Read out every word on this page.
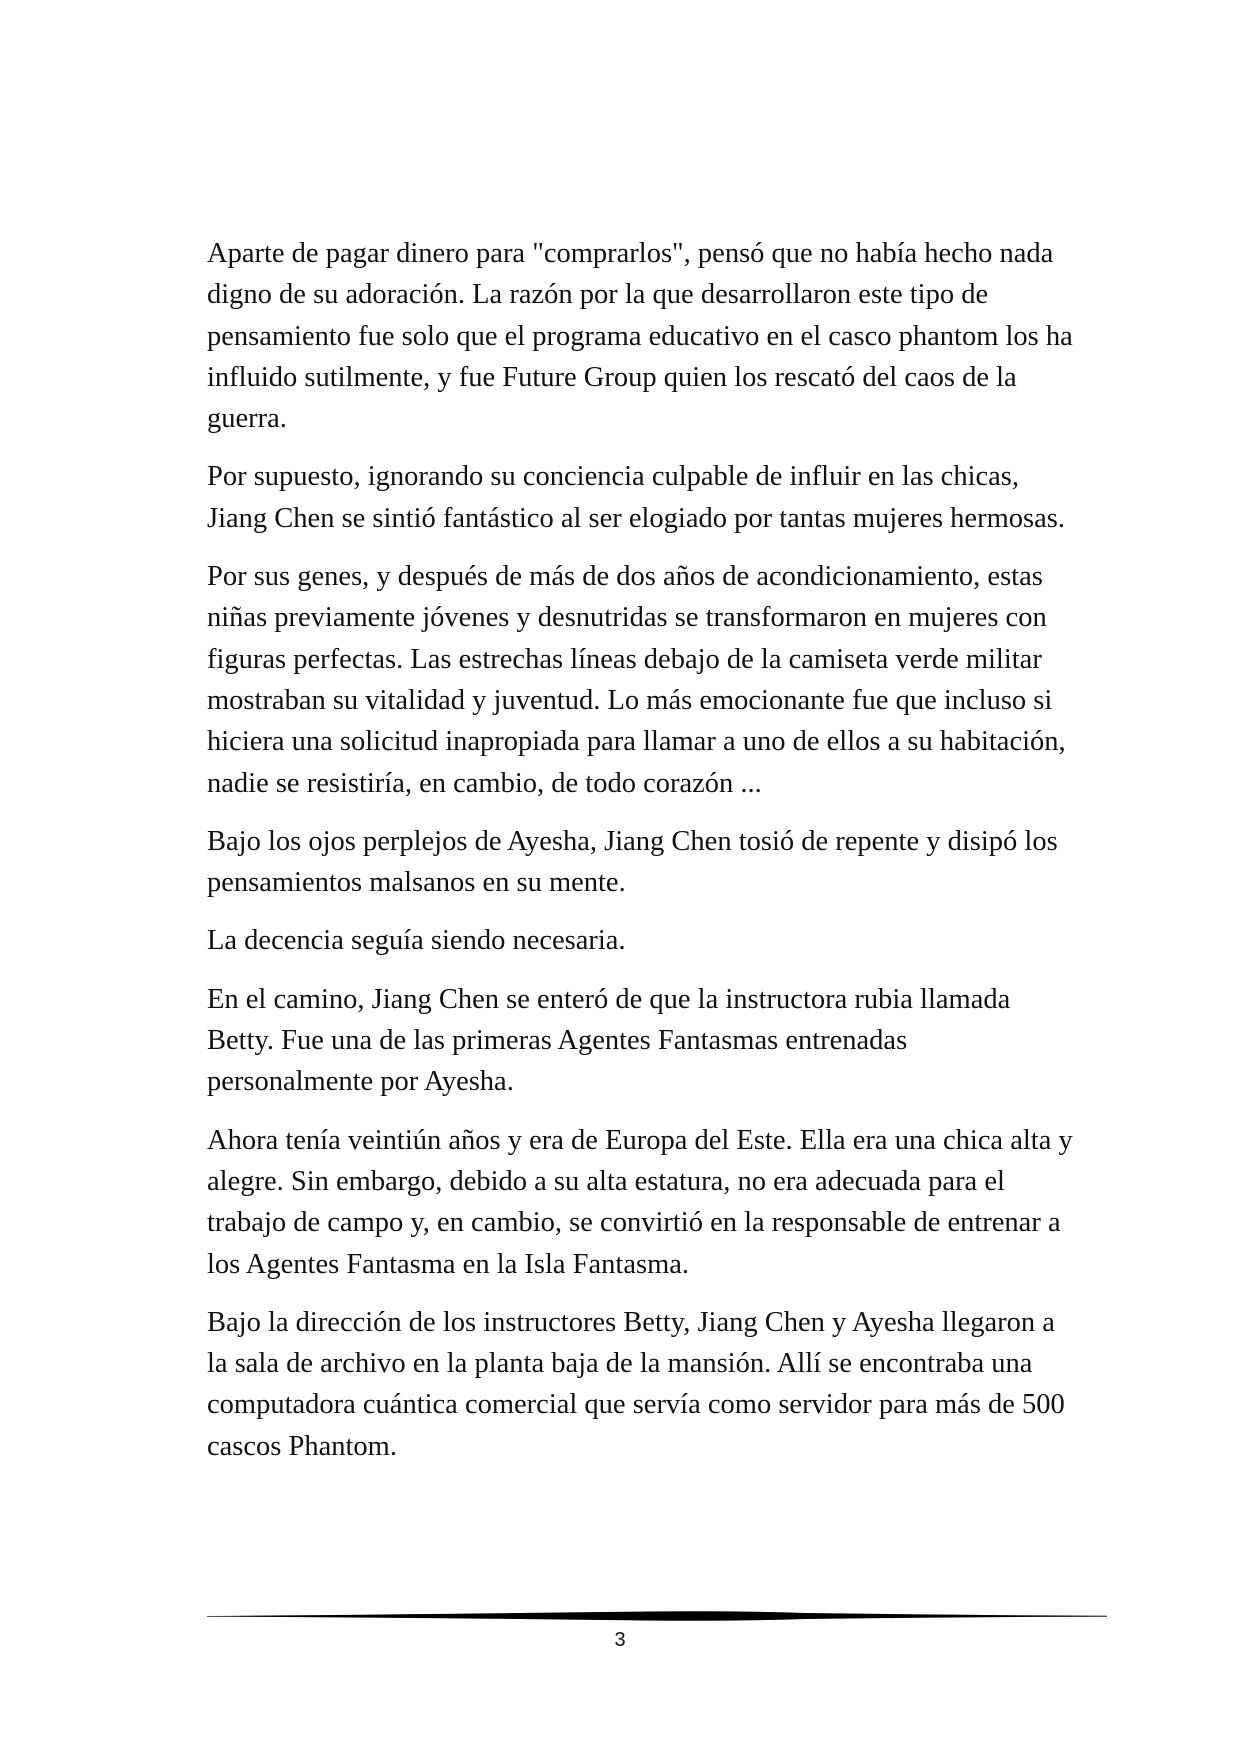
Aparte de pagar dinero para "comprarlos", pensó que no había hecho nada digno de su adoración. La razón por la que desarrollaron este tipo de pensamiento fue solo que el programa educativo en el casco phantom los ha influido sutilmente, y fue Future Group quien los rescató del caos de la guerra.

Por supuesto, ignorando su conciencia culpable de influir en las chicas, Jiang Chen se sintió fantástico al ser elogiado por tantas mujeres hermosas.

Por sus genes, y después de más de dos años de acondicionamiento, estas niñas previamente jóvenes y desnutridas se transformaron en mujeres con figuras perfectas. Las estrechas líneas debajo de la camiseta verde militar mostraban su vitalidad y juventud. Lo más emocionante fue que incluso si hiciera una solicitud inapropiada para llamar a uno de ellos a su habitación, nadie se resistiría, en cambio, de todo corazón ...

Bajo los ojos perplejos de Ayesha, Jiang Chen tosió de repente y disipó los pensamientos malsanos en su mente.

La decencia seguía siendo necesaria.

En el camino, Jiang Chen se enteró de que la instructora rubia llamada Betty. Fue una de las primeras Agentes Fantasmas entrenadas personalmente por Ayesha.

Ahora tenía veintiún años y era de Europa del Este. Ella era una chica alta y alegre. Sin embargo, debido a su alta estatura, no era adecuada para el trabajo de campo y, en cambio, se convirtió en la responsable de entrenar a los Agentes Fantasma en la Isla Fantasma.

Bajo la dirección de los instructores Betty, Jiang Chen y Ayesha llegaron a la sala de archivo en la planta baja de la mansión. Allí se encontraba una computadora cuántica comercial que servía como servidor para más de 500 cascos Phantom.

3
